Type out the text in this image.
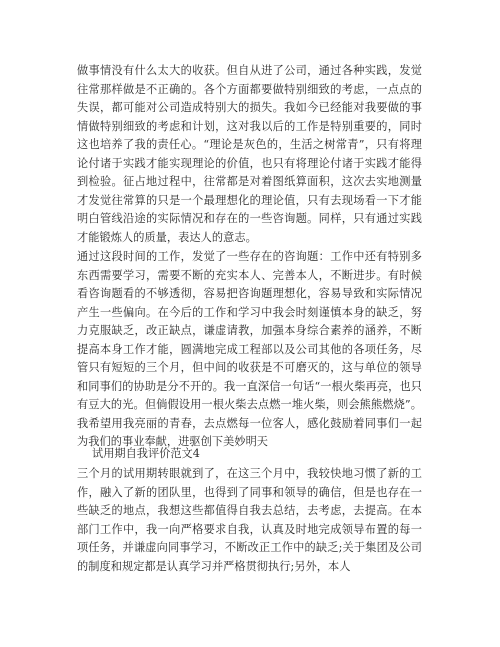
做事情没有什么太大的收获。但自从进了公司，通过各种实践，发觉往常那样做是不正确的。各个方面都要做特别细致的考虑，一点点的失误，都可能对公司造成特别大的损失。我如今已经能对我要做的事情做特别细致的考虑和计划，这对我以后的工作是特别重要的，同时这也培养了我的责任心。“理论是灰色的，生活之树常青”，只有将理论付诸于实践才能实现理论的价值，也只有将理论付诸于实践才能得到检验。征占地过程中，往常都是对着图纸算面积，这次去实地测量才发觉往常算的只是一个最理想化的理论值，只有去现场看一下才能明白管线沿途的实际情况和存在的一些咨询题。同样，只有通过实践才能锻炼人的质量，表达人的意志。

通过这段时间的工作，发觉了一些存在的咨询题：工作中还有特别多东西需要学习，需要不断的充实本人、完善本人，不断进步。有时候看咨询题看的不够透彻，容易把咨询题理想化，容易导致和实际情况产生一些偏向。在今后的工作和学习中我会时刻谨慎本身的缺乏，努力克服缺乏，改正缺点，谦虚请教，加强本身综合素养的涵养，不断提高本身工作才能，圆满地完成工程部以及公司其他的各项任务，尽管只有短短的三个月，但中间的收获是不可磨灭的，这与单位的领导和同事们的协助是分不开的。我一直深信一句话“一根火柴再亮，也只有豆大的光。但倘假设用一根火柴去点燃一堆火柴，则会熊熊燃烧”。我希望用我亮丽的青春，去点燃每一位客人，感化鼓励着同事们一起为我们的事业奉献，进驱创下美妙明天

试用期自我评价范文4

三个月的试用期转眼就到了，在这三个月中，我较快地习惯了新的工作，融入了新的团队里，也得到了同事和领导的确信，但是也存在一些缺乏的地点，我想这些都值得自我去总结，去考虑，去提高。在本部门工作中，我一向严格要求自我，认真及时地完成领导布置的每一项任务，并谦虚向同事学习，不断改正工作中的缺乏;关于集团及公司的制度和规定都是认真学习并严格贯彻执行;另外，本人
